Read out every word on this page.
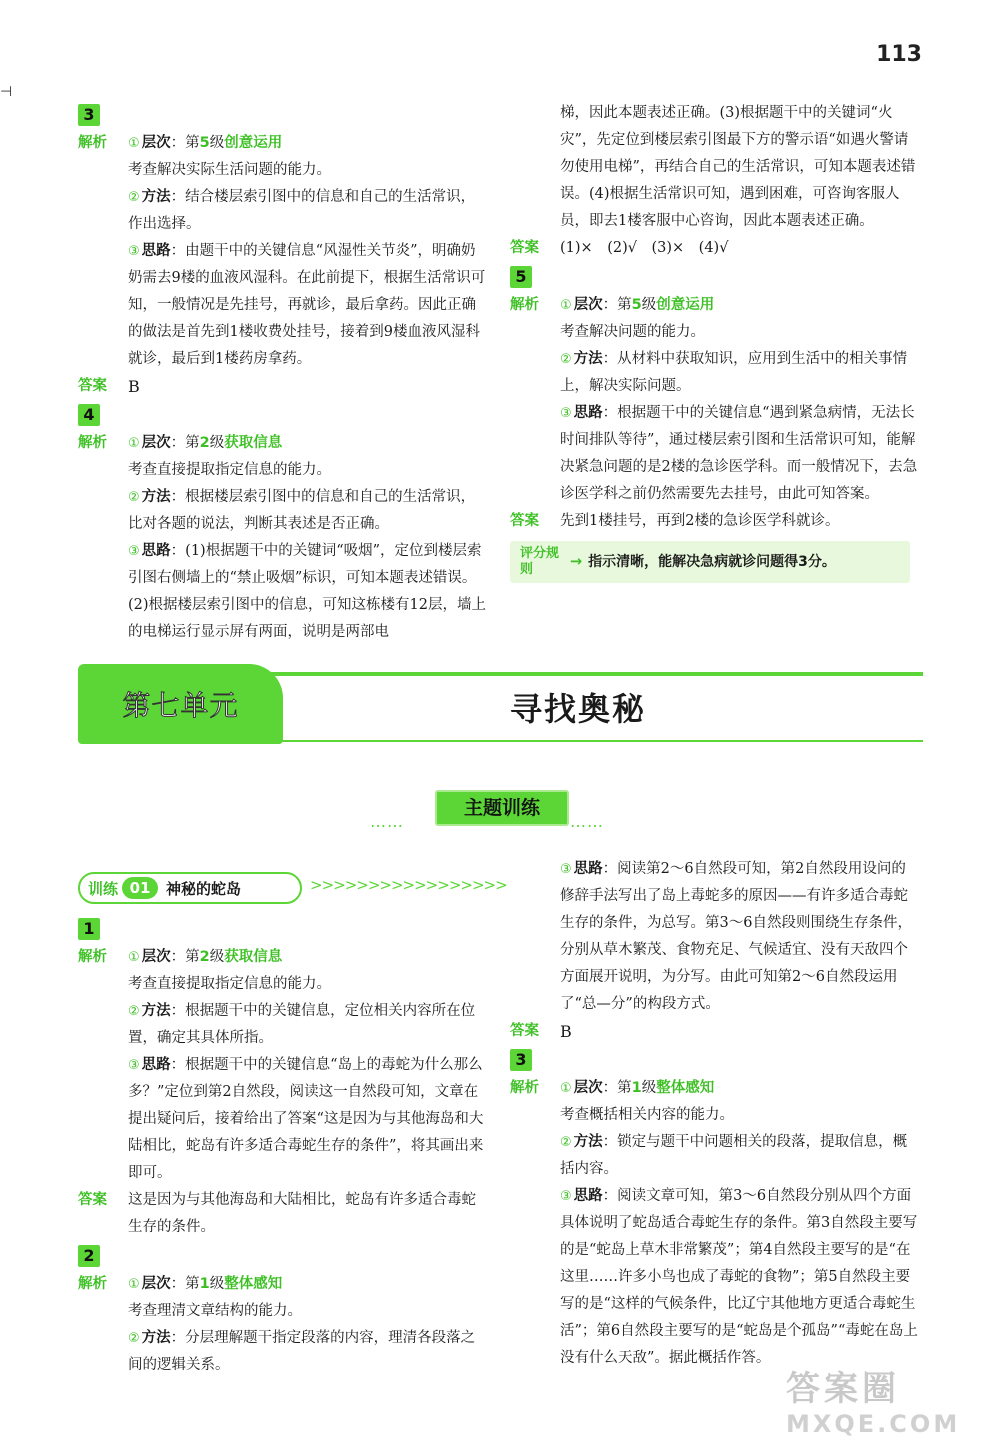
113
⊣
3
解析	① 层次：第5级创意运用

考查解决实际生活问题的能力。

② 方法：结合楼层索引图中的信息和自己的生活常识，作出选择。

③ 思路：由题干中的关键信息“风湿性关节炎”，明确奶奶需去9楼的血液风湿科。在此前提下，根据生活常识可知，一般情况是先挂号，再就诊，最后拿药。因此正确的做法是首先到1楼收费处挂号，接着到9楼血液风湿科就诊，最后到1楼药房拿药。

答案	B
4
解析	① 层次：第2级获取信息

考查直接提取指定信息的能力。

② 方法：根据楼层索引图中的信息和自己的生活常识，比对各题的说法，判断其表述是否正确。

③ 思路：(1)根据题干中的关键词“吸烟”，定位到楼层索引图右侧墙上的“禁止吸烟”标识，可知本题表述错误。(2)根据楼层索引图中的信息，可知这栋楼有12层，墙上的电梯运行显示屏有两面，说明是两部电

梯，因此本题表述正确。(3)根据题干中的关键词“火灾”，先定位到楼层索引图最下方的警示语“如遇火警请勿使用电梯”，再结合自己的生活常识，可知本题表述错误。(4)根据生活常识可知，遇到困难，可咨询客服人员，即去1楼客服中心咨询，因此本题表述正确。
答案	(1)×　(2)√　(3)×　(4)√
5
解析	① 层次：第5级创意运用

考查解决问题的能力。

② 方法：从材料中获取知识，应用到生活中的相关事情上，解决实际问题。

③ 思路：根据题干中的关键信息“遇到紧急病情，无法长时间排队等待”，通过楼层索引图和生活常识可知，能解决紧急问题的是2楼的急诊医学科。而一般情况下，去急诊医学科之前仍然需要先去挂号，由此可知答案。

答案	先到1楼挂号，再到2楼的急诊医学科就诊。
评分规则	→ 指示清晰，能解决急病就诊问题得3分。
第七单元	寻找奥秘
……
主题训练
……
训练 01	神秘的蛇岛	>>>>>>>>>>>>>>>>>
1
解析	① 层次：第2级获取信息

考查直接提取指定信息的能力。

② 方法：根据题干中的关键信息，定位相关内容所在位置，确定其具体所指。

③ 思路：根据题干中的关键信息“岛上的毒蛇为什么那么多？”定位到第2自然段，阅读这一自然段可知，文章在提出疑问后，接着给出了答案“这是因为与其他海岛和大陆相比，蛇岛有许多适合毒蛇生存的条件”，将其画出来即可。

答案	这是因为与其他海岛和大陆相比，蛇岛有许多适合毒蛇生存的条件。
2
解析	① 层次：第1级整体感知

考查理清文章结构的能力。

② 方法：分层理解题干指定段落的内容，理清各段落之间的逻辑关系。

③ 思路：阅读第2～6自然段可知，第2自然段用设问的修辞手法写出了岛上毒蛇多的原因——有许多适合毒蛇生存的条件，为总写。第3～6自然段则围绕生存条件，分别从草木繁茂、食物充足、气候适宜、没有天敌四个方面展开说明，为分写。由此可知第2～6自然段运用了“总—分”的构段方式。

答案	B
3
解析	① 层次：第1级整体感知

考查概括相关内容的能力。

② 方法：锁定与题干中问题相关的段落，提取信息，概括内容。

③ 思路：阅读文章可知，第3～6自然段分别从四个方面具体说明了蛇岛适合毒蛇生存的条件。第3自然段主要写的是“蛇岛上草木非常繁茂”；第4自然段主要写的是“在这里……许多小鸟也成了毒蛇的食物”；第5自然段主要写的是“这样的气候条件，比辽宁其他地方更适合毒蛇生活”；第6自然段主要写的是“蛇岛是个孤岛”“毒蛇在岛上没有什么天敌”。据此概括作答。

答案圈
MXQE.COM
